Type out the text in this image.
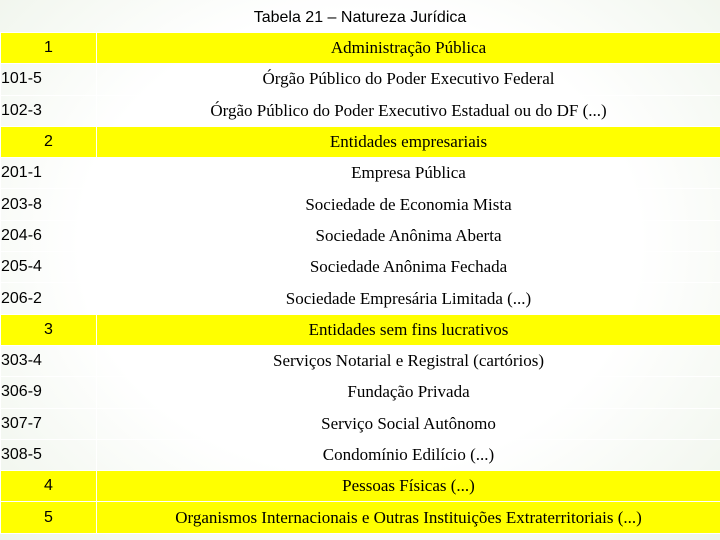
Tabela 21 – Natureza Jurídica
1	Administração Pública
101-5	Órgão Público do Poder Executivo Federal
102-3	Órgão Público do Poder Executivo Estadual ou do DF (...)
2	Entidades empresariais
201-1	Empresa Pública
203-8	Sociedade de Economia Mista
204-6	Sociedade Anônima Aberta
205-4	Sociedade Anônima Fechada
206-2	Sociedade Empresária Limitada (...)
3	Entidades sem fins lucrativos
303-4	Serviços Notarial e Registral (cartórios)
306-9	Fundação Privada
307-7	Serviço Social Autônomo
308-5	Condomínio Edilício (...)
4	Pessoas Físicas (...)
5	Organismos Internacionais e Outras Instituições Extraterritoriais (...)
